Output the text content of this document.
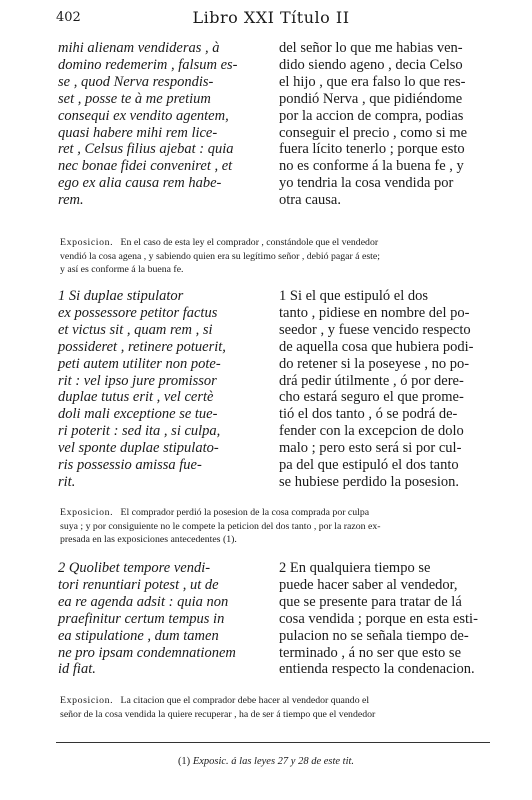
402	Libro XXI Título II
mihi alienam vendideras , à
domino redemerim , falsum es-
se , quod Nerva respondis-
set , posse te à me pretium
consequi ex vendito agentem,
quasi habere mihi rem lice-
ret , Celsus filius ajebat : quia
nec bonae fidei conveniret , et
ego ex alia causa rem habe-
rem.
del señor lo que me habias ven-
dido siendo ageno , decia Celso
el hijo , que era falso lo que res-
pondió Nerva , que pidiéndome
por la accion de compra, podias
conseguir el precio , como si me
fuera lícito tenerlo ; porque esto
no es conforme á la buena fe , y
yo tendria la cosa vendida por
otra causa.
Exposicion. En el caso de esta ley el comprador , constándole que el vendedor
vendió la cosa agena , y sabiendo quien era su legítimo señor , debió pagar á este;
y así es conforme á la buena fe.
1 Si duplae stipulator
ex possessore petitor factus
et victus sit , quam rem , si
possideret , retinere potuerit,
peti autem utiliter non pote-
rit : vel ipso jure promissor
duplae tutus erit , vel certè
doli mali exceptione se tue-
ri poterit : sed ita , si culpa,
vel sponte duplae stipulato-
ris possessio amissa fue-
rit.
1 Si el que estipuló el dos
tanto , pidiese en nombre del po-
seedor , y fuese vencido respecto
de aquella cosa que hubiera podi-
do retener si la poseyese , no po-
drá pedir útilmente , ó por dere-
cho estará seguro el que prome-
tió el dos tanto , ó se podrá de-
fender con la excepcion de dolo
malo ; pero esto será si por cul-
pa del que estipuló el dos tanto
se hubiese perdido la posesion.
Exposicion. El comprador perdió la posesion de la cosa comprada por culpa
suya ; y por consiguiente no le compete la peticion del dos tanto , por la razon ex-
presada en las exposiciones antecedentes (1).
2 Quolibet tempore vendi-
tori renuntiari potest , ut de
ea re agenda adsit : quia non
praefinitur certum tempus in
ea stipulatione , dum tamen
ne pro ipsam condemnationem
id fiat.
2 En qualquiera tiempo se
puede hacer saber al vendedor,
que se presente para tratar de lá
cosa vendida ; porque en esta esti-
pulacion no se señala tiempo de-
terminado , á no ser que esto se
entienda respecto la condenacion.
Exposicion. La citacion que el comprador debe hacer al vendedor quando el
señor de la cosa vendida la quiere recuperar , ha de ser á tiempo que el vendedor
(1) Exposic. á las leyes 27 y 28 de este tit.
